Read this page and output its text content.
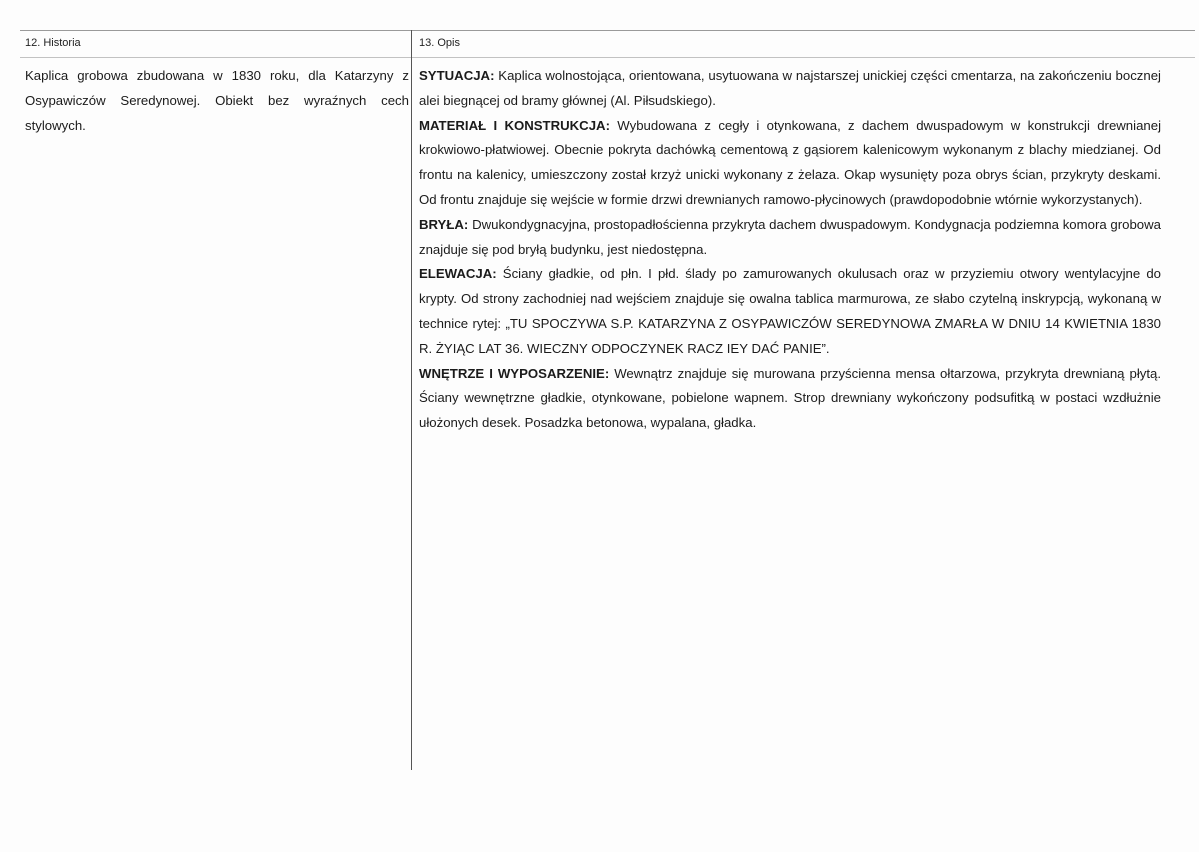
12. Historia

Kaplica grobowa zbudowana w 1830 roku, dla Katarzyny z Osypawiczów Seredynowej. Obiekt bez wyraźnych cech stylowych.

13. Opis

SYTUACJA: Kaplica wolnostojąca, orientowana, usytuowana w najstarszej unickiej części cmentarza, na zakończeniu bocznej alei biegnącej od bramy głównej (Al. Piłsudskiego).

MATERIAŁ I KONSTRUKCJA: Wybudowana z cegły i otynkowana, z dachem dwuspadowym w konstrukcji drewnianej krokwiowo-płatwiowej. Obecnie pokryta dachówką cementową z gąsiorem kalenicowym wykonanym z blachy miedzianej. Od frontu na kalenicy, umieszczony został krzyż unicki wykonany z żelaza. Okap wysunięty poza obrys ścian, przykryty deskami. Od frontu znajduje się wejście w formie drzwi drewnianych ramowo-płycinowych (prawdopodobnie wtórnie wykorzystanych).

BRYŁA: Dwukondygnacyjna, prostopadłościenna przykryta dachem dwuspadowym. Kondygnacja podziemna komora grobowa znajduje się pod bryłą budynku, jest niedostępna.

ELEWACJA: Ściany gładkie, od płn. I płd. ślady po zamurowanych okulusach oraz w przyziemiu otwory wentylacyjne do krypty. Od strony zachodniej nad wejściem znajduje się owalna tablica marmurowa, ze słabo czytelną inskrypcją, wykonaną w technice rytej: „TU SPOCZYWA S.P. KATARZYNA Z OSYPAWICZÓW SEREDYNOWA ZMARŁA W DNIU 14 KWIETNIA 1830 R. ŻYIĄC LAT 36. WIECZNY ODPOCZYNEK RACZ IEY DAĆ PANIE”.

WNĘTRZE I WYPOSARZENIE: Wewnątrz znajduje się murowana przyścienna mensa ołtarzowa, przykryta drewnianą płytą. Ściany wewnętrzne gładkie, otynkowane, pobielone wapnem. Strop drewniany wykończony podsufitką w postaci wzdłużnie ułożonych desek. Posadzka betonowa, wypalana, gładka.
